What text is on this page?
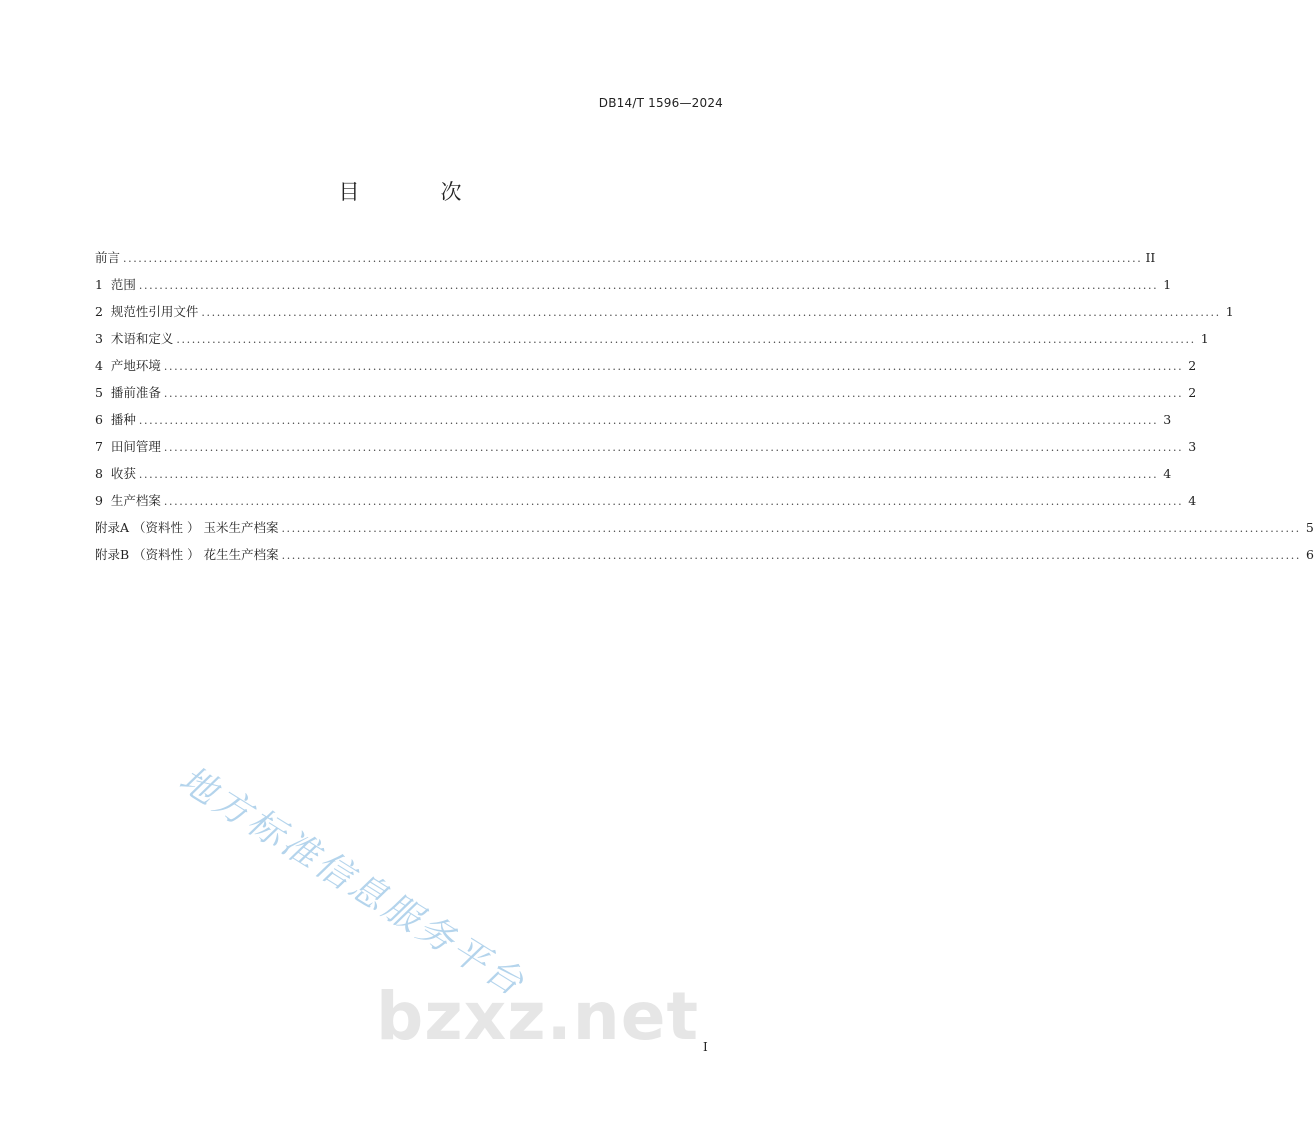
DB14/T 1596—2024
目　次
前言 ........................................................................................................................................................................................................ II
1  范围 ........................................................................................................................................................................................................ 1
2  规范性引用文件 ........................................................................................................................................................................................................ 1
3  术语和定义 ........................................................................................................................................................................................................ 1
4  产地环境 ........................................................................................................................................................................................................ 2
5  播前准备 ........................................................................................................................................................................................................ 2
6  播种 ........................................................................................................................................................................................................ 3
7  田间管理 ........................................................................................................................................................................................................ 3
8  收获 ........................................................................................................................................................................................................ 4
9  生产档案 ........................................................................................................................................................................................................ 4
附录A （资料性 ） 玉米生产档案 ........................................................................................................................................................................................................ 5
附录B （资料性 ） 花生生产档案 ........................................................................................................................................................................................................ 6
地方标准信息服务平台
bzxz.net I
